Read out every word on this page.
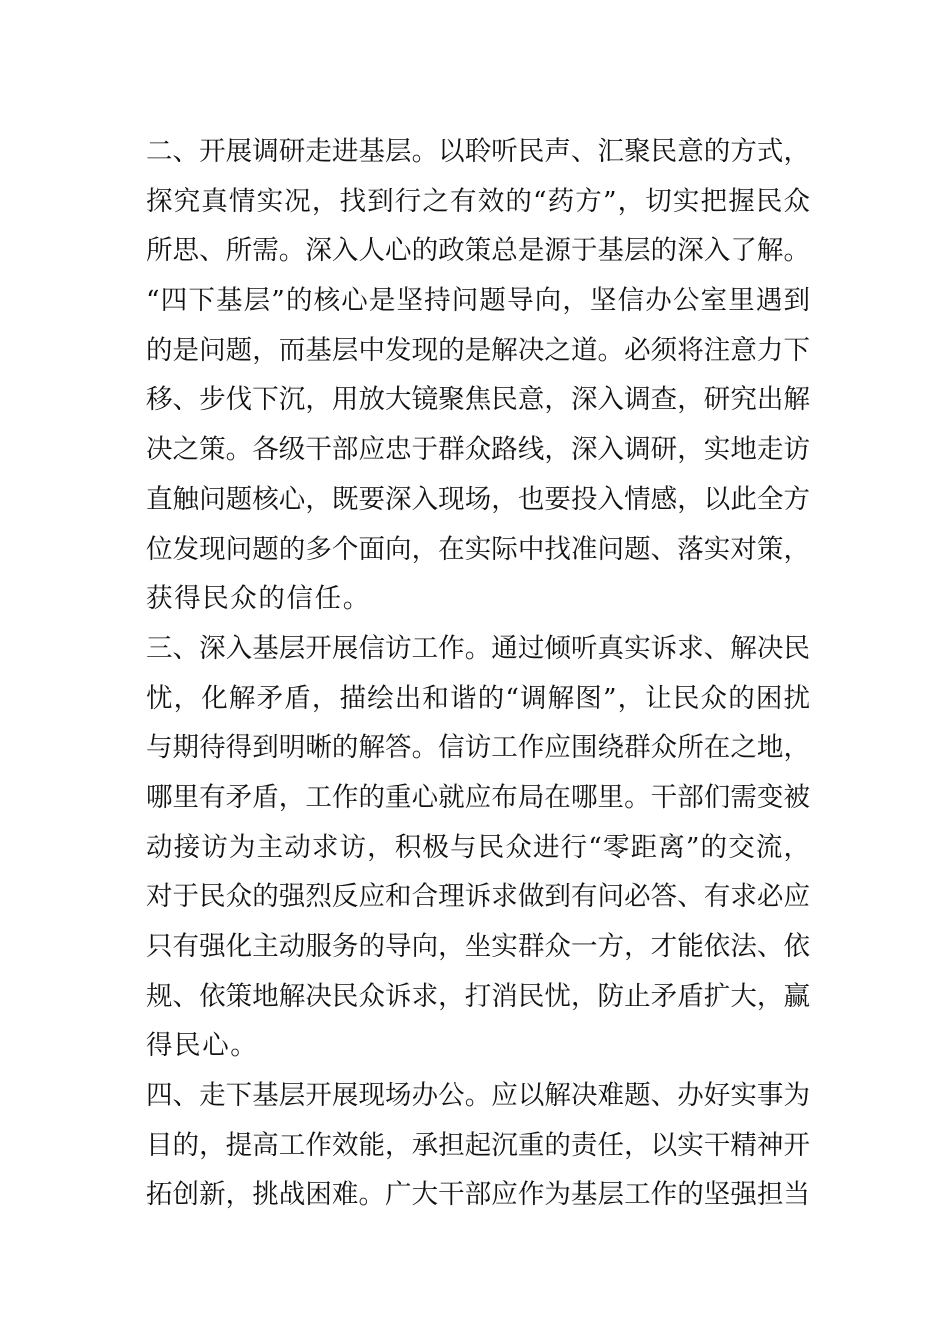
二、开展调研走进基层。以聆听民声、汇聚民意的方式，
探究真情实况，找到行之有效的“药方”，切实把握民众
所思、所需。深入人心的政策总是源于基层的深入了解。
“四下基层”的核心是坚持问题导向，坚信办公室里遇到
的是问题，而基层中发现的是解决之道。必须将注意力下
移、步伐下沉，用放大镜聚焦民意，深入调查，研究出解
决之策。各级干部应忠于群众路线，深入调研，实地走访
直触问题核心，既要深入现场，也要投入情感，以此全方
位发现问题的多个面向，在实际中找准问题、落实对策，
获得民众的信任。
三、深入基层开展信访工作。通过倾听真实诉求、解决民
忧，化解矛盾，描绘出和谐的“调解图”，让民众的困扰
与期待得到明晰的解答。信访工作应围绕群众所在之地，
哪里有矛盾，工作的重心就应布局在哪里。干部们需变被
动接访为主动求访，积极与民众进行“零距离”的交流，
对于民众的强烈反应和合理诉求做到有问必答、有求必应
只有强化主动服务的导向，坐实群众一方，才能依法、依
规、依策地解决民众诉求，打消民忧，防止矛盾扩大，赢
得民心。
四、走下基层开展现场办公。应以解决难题、办好实事为
目的，提高工作效能，承担起沉重的责任，以实干精神开
拓创新，挑战困难。广大干部应作为基层工作的坚强担当
